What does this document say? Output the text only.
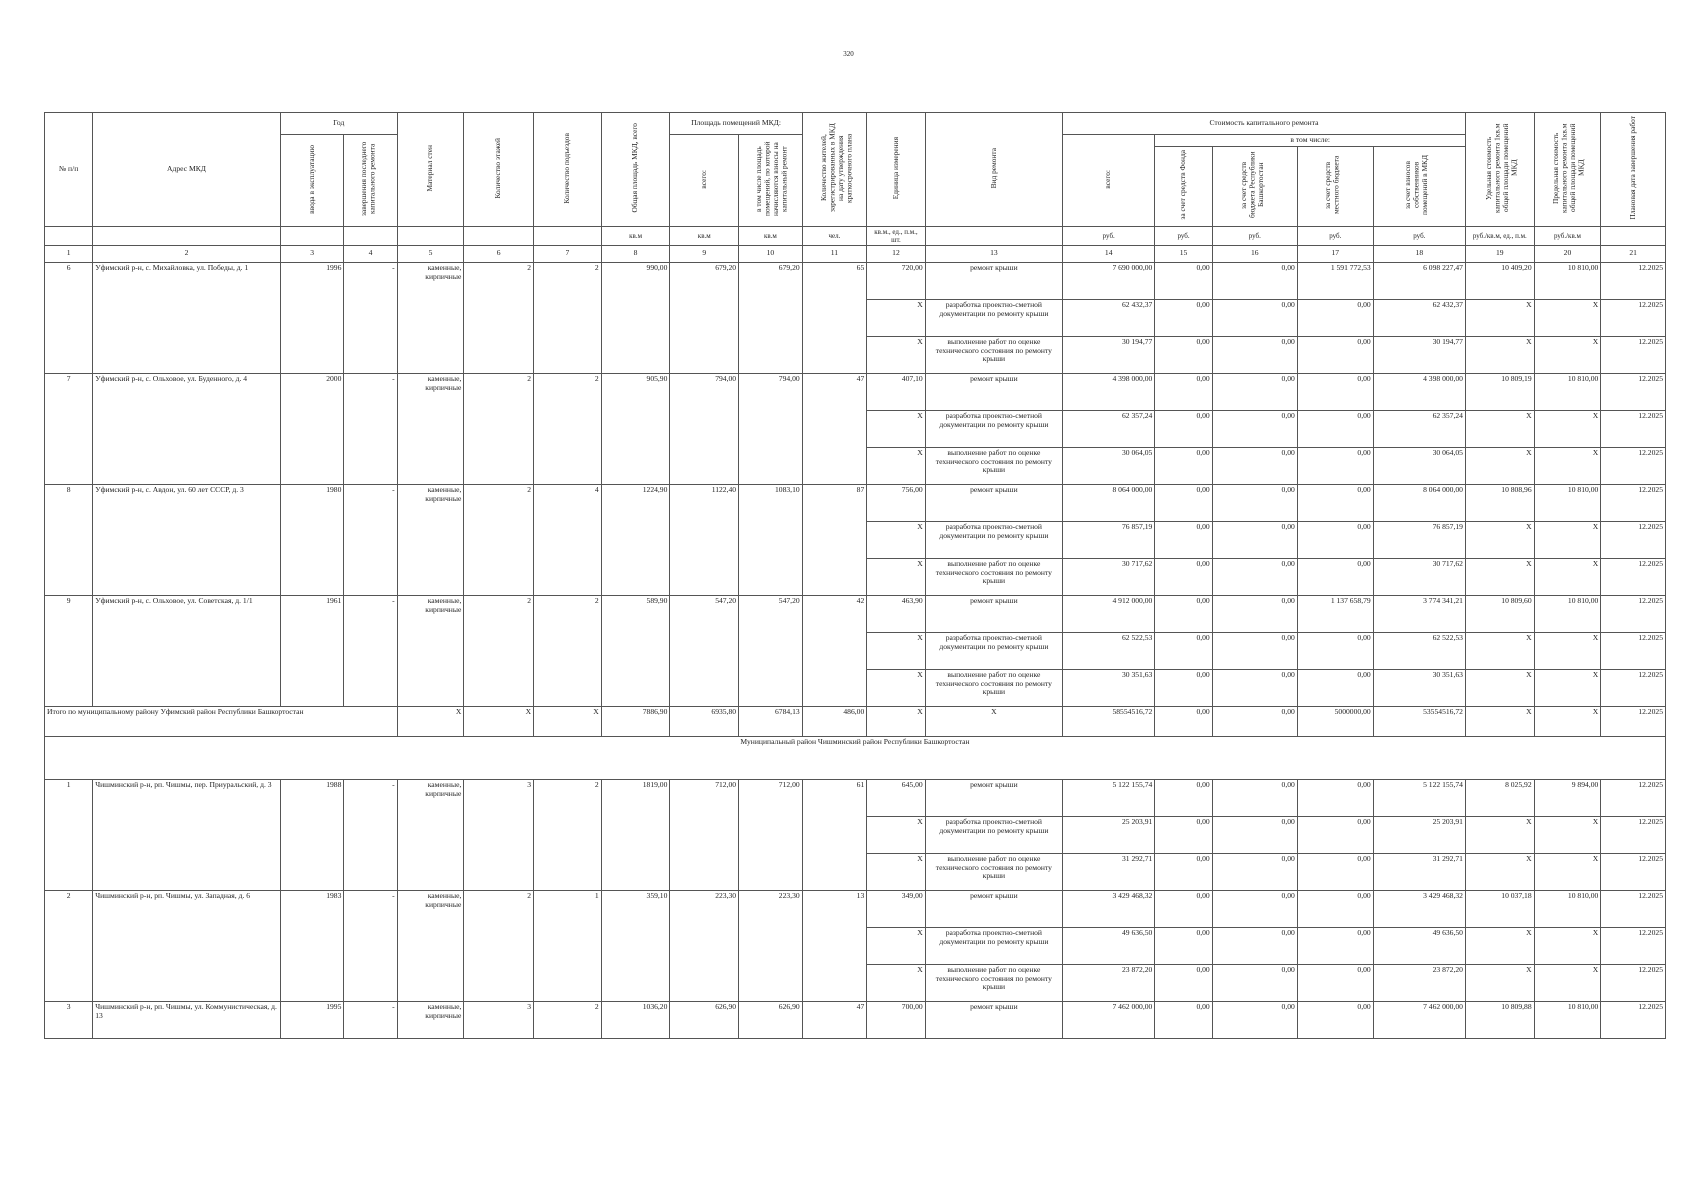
320
№ п/п	Адрес МКД	Год		Материал стен	Количество этажей	Количество подъездов	Общая площадь МКД, всего	Площадь помещений МКД:		Количество жителей, зарегистрированных в МКД на дату утверждения краткосрочного плана	Единица измерения	Вид ремонта	Стоимость капитального ремонта					Удельная стоимость капитального ремонта 1кв.м общей площади помещений МКД	Предельная стоимость капитального ремонта 1кв.м общей площади помещений МКД	Плановая дата завершения работ
		ввода в эксплуатацию	завершения последнего капитального ремонта					всего:	в том числе площадь помещений, по которой начисляются взносы на капитальный ремонт				всего:	в том числе:						
														за счет средств Фонда	за счет средств бюджета Республики Башкортостан	за счет средств местного бюджета	за счет взносов собственников помещений в МКД			
							кв.м	кв.м	кв.м	чел.	кв.м., ед., п.м., шт.		руб.	руб.	руб.	руб.	руб.	руб./кв.м, ед., п.м.	руб./кв.м	
1	2	3	4	5	6	7	8	9	10	11	12	13	14	15	16	17	18	19	20	21
6	Уфимский р-н, с. Михайловка, ул. Победы, д. 1	1996	-	каменные, кирпичные	2	2	990,00	679,20	679,20	65	720,00	ремонт крыши	7 690 000,00	0,00	0,00	1 591 772,53	6 098 227,47	10 409,20	10 810,00	12.2025
											X	разработка проектно-сметной документации по ремонту крыши	62 432,37	0,00	0,00	0,00	62 432,37	X	X	12.2025
											X	выполнение работ по оценке технического состояния по ремонту крыши	30 194,77	0,00	0,00	0,00	30 194,77	X	X	12.2025
7	Уфимский р-н, с. Ольховое, ул. Буденного, д. 4	2000	-	каменные, кирпичные	2	2	905,90	794,00	794,00	47	407,10	ремонт крыши	4 398 000,00	0,00	0,00	0,00	4 398 000,00	10 809,19	10 810,00	12.2025
											X	разработка проектно-сметной документации по ремонту крыши	62 357,24	0,00	0,00	0,00	62 357,24	X	X	12.2025
											X	выполнение работ по оценке технического состояния по ремонту крыши	30 064,05	0,00	0,00	0,00	30 064,05	X	X	12.2025
8	Уфимский р-н, с. Авдон, ул. 60 лет СССР, д. 3	1980	-	каменные, кирпичные	2	4	1224,90	1122,40	1083,10	87	756,00	ремонт крыши	8 064 000,00	0,00	0,00	0,00	8 064 000,00	10 808,96	10 810,00	12.2025
											X	разработка проектно-сметной документации по ремонту крыши	76 857,19	0,00	0,00	0,00	76 857,19	X	X	12.2025
											X	выполнение работ по оценке технического состояния по ремонту крыши	30 717,62	0,00	0,00	0,00	30 717,62	X	X	12.2025
9	Уфимский р-н, с. Ольховое, ул. Советская, д. 1/1	1961	-	каменные, кирпичные	2	2	589,90	547,20	547,20	42	463,90	ремонт крыши	4 912 000,00	0,00	0,00	1 137 658,79	3 774 341,21	10 809,60	10 810,00	12.2025
											X	разработка проектно-сметной документации по ремонту крыши	62 522,53	0,00	0,00	0,00	62 522,53	X	X	12.2025
											X	выполнение работ по оценке технического состояния по ремонту крыши	30 351,63	0,00	0,00	0,00	30 351,63	X	X	12.2025
Итого по муниципальному району Уфимский район Республики Башкортостан				X	X	X	7886,90	6935,80	6784,13	486,00	X	X	58554516,72	0,00	0,00	5000000,00	53554516,72	X	X	12.2025
Муниципальный район Чишминский район Республики Башкортостан																				
1	Чишминский р-н, рп. Чишмы, пер. Приуральский, д. 3	1988	-	каменные, кирпичные	3	2	1819,00	712,00	712,00	61	645,00	ремонт крыши	5 122 155,74	0,00	0,00	0,00	5 122 155,74	8 025,92	9 894,00	12.2025
											X	разработка проектно-сметной документации по ремонту крыши	25 203,91	0,00	0,00	0,00	25 203,91	X	X	12.2025
											X	выполнение работ по оценке технического состояния по ремонту крыши	31 292,71	0,00	0,00	0,00	31 292,71	X	X	12.2025
2	Чишминский р-н, рп. Чишмы, ул. Западная, д. 6	1983	-	каменные, кирпичные	2	1	359,10	223,30	223,30	13	349,00	ремонт крыши	3 429 468,32	0,00	0,00	0,00	3 429 468,32	10 037,18	10 810,00	12.2025
											X	разработка проектно-сметной документации по ремонту крыши	49 636,50	0,00	0,00	0,00	49 636,50	X	X	12.2025
											X	выполнение работ по оценке технического состояния по ремонту крыши	23 872,20	0,00	0,00	0,00	23 872,20	X	X	12.2025
3	Чишминский р-н, рп. Чишмы, ул. Коммунистическая, д. 13	1995	-	каменные, кирпичные	3	2	1036,20	626,90	626,90	47	700,00	ремонт крыши	7 462 000,00	0,00	0,00	0,00	7 462 000,00	10 809,88	10 810,00	12.2025
